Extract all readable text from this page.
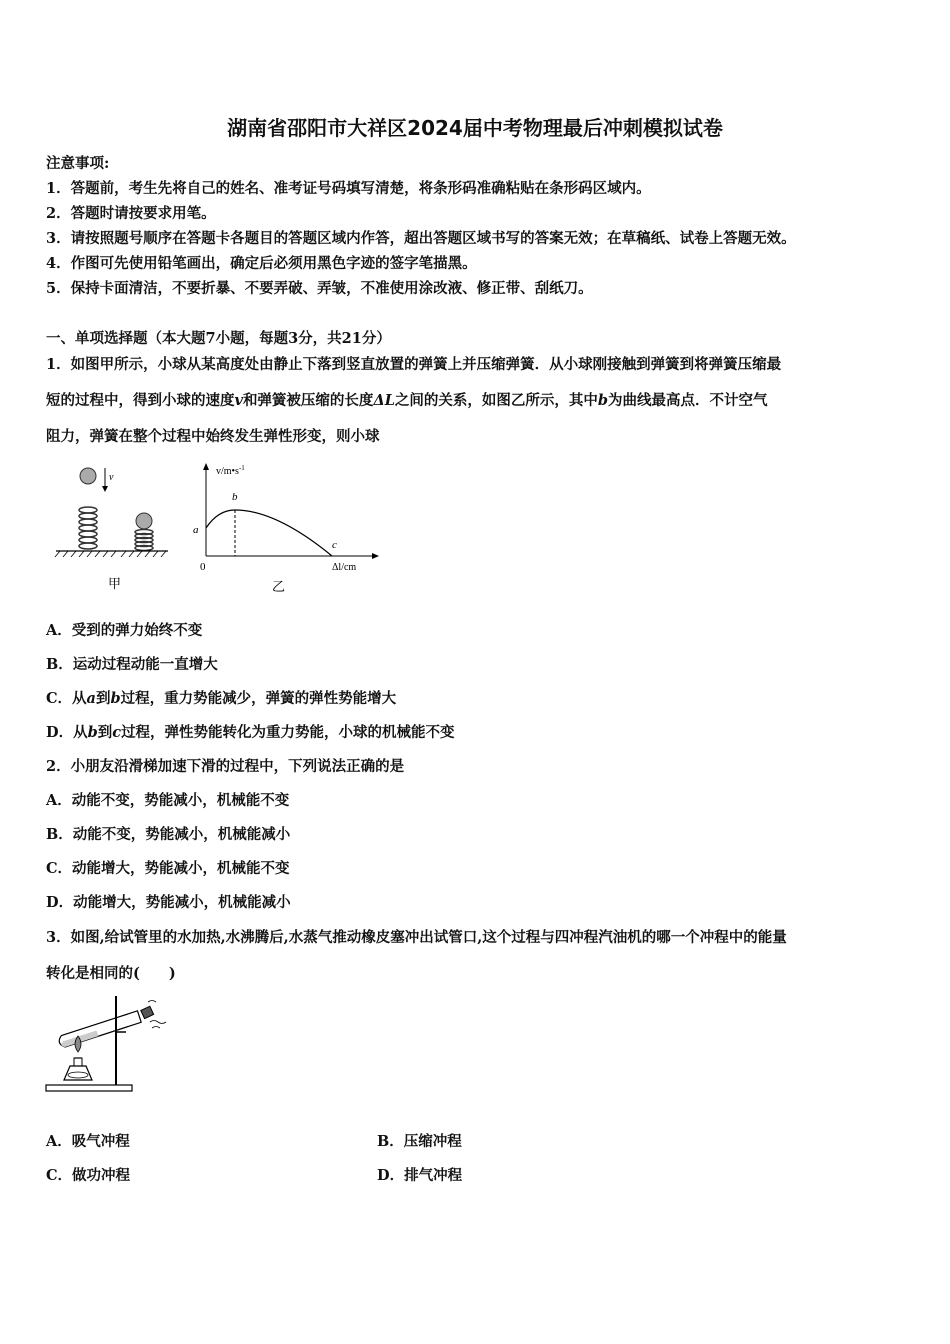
湖南省邵阳市大祥区2024届中考物理最后冲刺模拟试卷
注意事项:
1．答题前，考生先将自己的姓名、准考证号码填写清楚，将条形码准确粘贴在条形码区域内。
2．答题时请按要求用笔。
3．请按照题号顺序在答题卡各题目的答题区域内作答，超出答题区域书写的答案无效；在草稿纸、试卷上答题无效。
4．作图可先使用铅笔画出，确定后必须用黑色字迹的签字笔描黑。
5．保持卡面清洁，不要折暴、不要弄破、弄皱，不准使用涂改液、修正带、刮纸刀。
一、单项选择题（本大题7小题，每题3分，共21分）
1．如图甲所示，小球从某高度处由静止下落到竖直放置的弹簧上并压缩弹簧．从小球刚接触到弹簧到将弹簧压缩最
短的过程中，得到小球的速度v和弹簧被压缩的长度ΔL之间的关系，如图乙所示，其中b为曲线最高点．不计空气
阻力，弹簧在整个过程中始终发生弹性形变，则小球
v
甲
$v/m•s^{-1}$
Δl/cm
0
a
b
c
乙
A．受到的弹力始终不变
B．运动过程动能一直增大
C．从a到b过程，重力势能减少，弹簧的弹性势能增大
D．从b到c过程，弹性势能转化为重力势能，小球的机械能不变
2．小朋友沿滑梯加速下滑的过程中，下列说法正确的是
A．动能不变，势能减小，机械能不变
B．动能不变，势能减小，机械能减小
C．动能增大，势能减小，机械能不变
D．动能增大，势能减小，机械能减小
3．如图,给试管里的水加热,水沸腾后,水蒸气推动橡皮塞冲出试管口,这个过程与四冲程汽油机的哪一个冲程中的能量
转化是相同的(　　)
A．吸气冲程	B．压缩冲程
C．做功冲程	D．排气冲程
